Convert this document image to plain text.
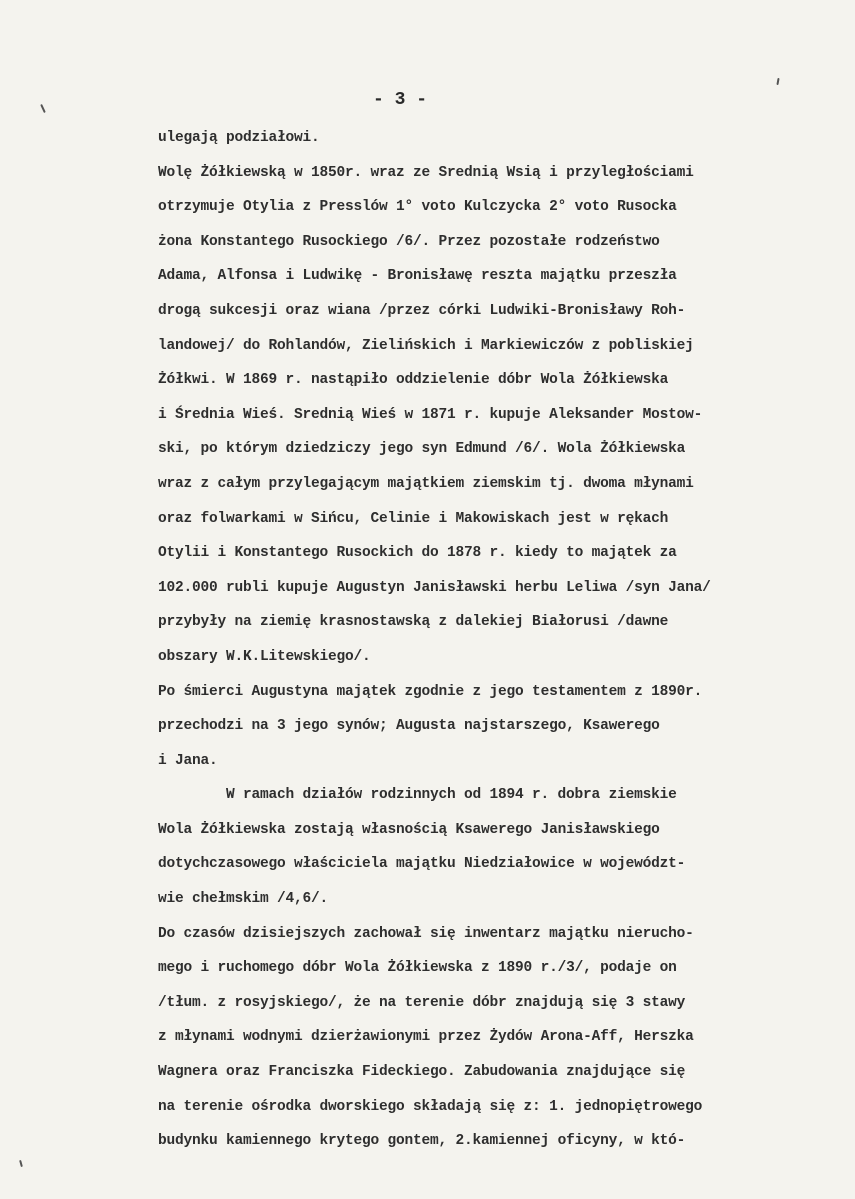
- 3 -
ulegają podziałowi.
Wolę Żółkiewską w 1850r. wraz ze Srednią Wsią i przyległościami
otrzymuje Otylia z Presslów 1° voto Kulczycka 2° voto Rusocka
żona Konstantego Rusockiego /6/. Przez pozostałe rodzeństwo
Adama, Alfonsa i Ludwikę - Bronisławę reszta majątku przeszła
drogą sukcesji oraz wiana /przez córki Ludwiki-Bronisławy Roh-
landowej/ do Rohlandów, Zielińskich i Markiewiczów z pobliskiej
Żółkwi. W 1869 r. nastąpiło oddzielenie dóbr Wola Żółkiewska
i Średnia Wieś. Srednią Wieś w 1871 r. kupuje Aleksander Mostow-
ski, po którym dziedziczy jego syn Edmund /6/. Wola Żółkiewska
wraz z całym przylegającym majątkiem ziemskim tj. dwoma młynami
oraz folwarkami w Sińcu, Celinie i Makowiskach jest w rękach
Otylii i Konstantego Rusockich do 1878 r. kiedy to majątek za
102.000 rubli kupuje Augustyn Janisławski herbu Leliwa /syn Jana/
przybyły na ziemię krasnostawską z dalekiej Białorusi /dawne
obszary W.K.Litewskiego/.
Po śmierci Augustyna majątek zgodnie z jego testamentem z 1890r.
przechodzi na 3 jego synów; Augusta najstarszego, Ksawerego
i Jana.
W ramach działów rodzinnych od 1894 r. dobra ziemskie
Wola Żółkiewska zostają własnością Ksawerego Janisławskiego
dotychczasowego właściciela majątku Niedziałowice w województ-
wie chełmskim /4,6/.
Do czasów dzisiejszych zachował się inwentarz majątku nierucho-
mego i ruchomego dóbr Wola Żółkiewska z 1890 r./3/, podaje on
/tłum. z rosyjskiego/, że na terenie dóbr znajdują się 3 stawy
z młynami wodnymi dzierżawionymi przez Żydów Arona-Aff, Herszka
Wagnera oraz Franciszka Fideckiego. Zabudowania znajdujące się
na terenie ośrodka dworskiego składają się z: 1. jednopiętrowego
budynku kamiennego krytego gontem, 2.kamiennej oficyny, w któ-
